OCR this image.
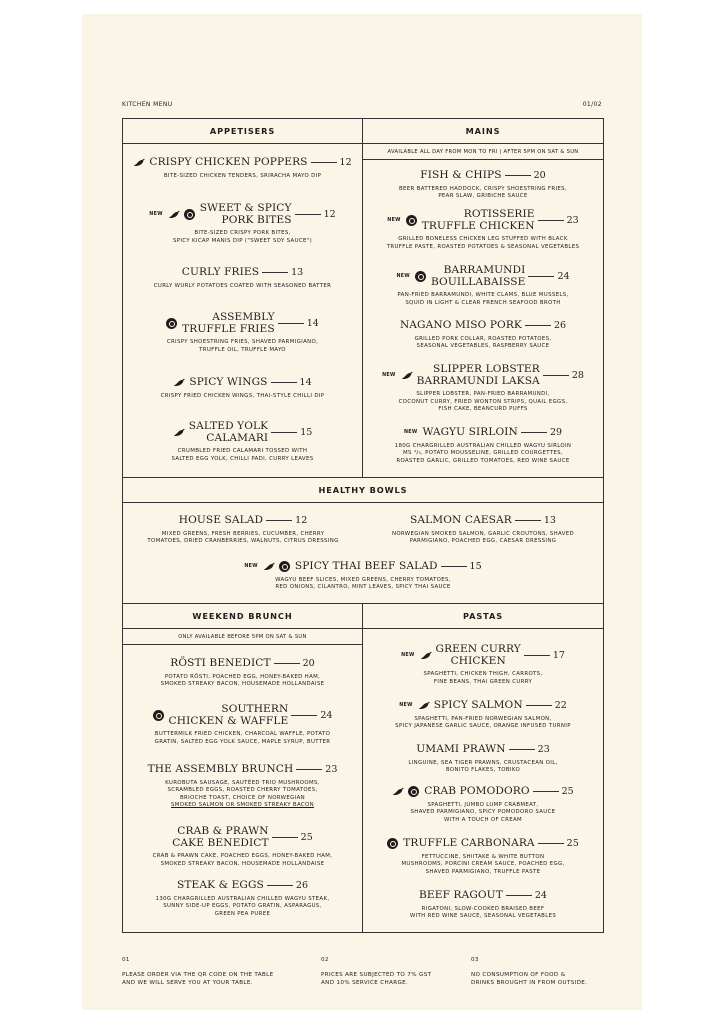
KITCHEN MENU	01/02
APPETISERS
CRISPY CHICKEN POPPERS	12
BITE-SIZED CHICKEN TENDERS, SRIRACHA MAYO DIP
NEW
SWEET & SPICY
PORK BITES	12
BITE-SIZED CRISPY PORK BITES,
SPICY KICAP MANIS DIP ("SWEET SOY SAUCE")
CURLY FRIES	13
CURLY WURLY POTATOES COATED WITH SEASONED BATTER
ASSEMBLY
TRUFFLE FRIES	14
CRISPY SHOESTRING FRIES, SHAVED PARMIGIANO,
TRUFFLE OIL, TRUFFLE MAYO
SPICY WINGS	14
CRISPY FRIED CHICKEN WINGS, THAI-STYLE CHILLI DIP
SALTED YOLK
CALAMARI	15
CRUMBLED FRIED CALAMARI TOSSED WITH
SALTED EGG YOLK, CHILLI PADI, CURRY LEAVES
MAINS
AVAILABLE ALL DAY FROM MON TO FRI | AFTER 5PM ON SAT & SUN
FISH & CHIPS	20
BEER BATTERED HADDOCK, CRISPY SHOESTRING FRIES,
PEAR SLAW, GRIBICHE SAUCE
NEW
ROTISSERIE
TRUFFLE CHICKEN	23
GRILLED BONELESS CHICKEN LEG STUFFED WITH BLACK
TRUFFLE PASTE, ROASTED POTATOES & SEASONAL VEGETABLES
NEW
BARRAMUNDI
BOUILLABAISSE	24
PAN-FRIED BARRAMUNDI, WHITE CLAMS, BLUE MUSSELS,
SQUID IN LIGHT & CLEAR FRENCH SEAFOOD BROTH
NAGANO MISO PORK	26
GRILLED PORK COLLAR, ROASTED POTATOES,
SEASONAL VEGETABLES, RASPBERRY SAUCE
NEW
SLIPPER LOBSTER
BARRAMUNDI LAKSA	28
SLIPPER LOBSTER, PAN-FRIED BARRAMUNDI,
COCONUT CURRY, FRIED WONTON STRIPS, QUAIL EGGS,
FISH CAKE, BEANCURD PUFFS
NEW WAGYU SIRLOIN	29
180G CHARGRILLED AUSTRALIAN CHILLED WAGYU SIRLOIN
MS ⁴/₅, POTATO MOUSSELINE, GRILLED COURGETTES,
ROASTED GARLIC, GRILLED TOMATOES, RED WINE SAUCE
HEALTHY BOWLS
HOUSE SALAD	12
MIXED GREENS, FRESH BERRIES, CUCUMBER, CHERRY
TOMATOES, DRIED CRANBERRIES, WALNUTS, CITRUS DRESSING
SALMON CAESAR	13
NORWEGIAN SMOKED SALMON, GARLIC CROUTONS, SHAVED
PARMIGIANO, POACHED EGG, CAESAR DRESSING
NEW	SPICY THAI BEEF SALAD	15
WAGYU BEEF SLICES, MIXED GREENS, CHERRY TOMATOES,
RED ONIONS, CILANTRO, MINT LEAVES, SPICY THAI SAUCE
WEEKEND BRUNCH
ONLY AVAILABLE BEFORE 5PM ON SAT & SUN
RÖSTI BENEDICT	20
POTATO RÖSTI, POACHED EGG, HONEY-BAKED HAM,
SMOKED STREAKY BACON, HOUSEMADE HOLLANDAISE
SOUTHERN
CHICKEN & WAFFLE	24
BUTTERMILK FRIED CHICKEN, CHARCOAL WAFFLE, POTATO
GRATIN, SALTED EGG YOLK SAUCE, MAPLE SYRUP, BUTTER
THE ASSEMBLY BRUNCH	23
KUROBUTA SAUSAGE, SAUTÉED TRIO MUSHROOMS,
SCRAMBLED EGGS, ROASTED CHERRY TOMATOES,
BRIOCHE TOAST, CHOICE OF NORWEGIAN
SMOKED SALMON OR SMOKED STREAKY BACON
CRAB & PRAWN
CAKE BENEDICT	25
CRAB & PRAWN CAKE, POACHED EGGS, HONEY-BAKED HAM,
SMOKED STREAKY BACON, HOUSEMADE HOLLANDAISE
STEAK & EGGS	26
130G CHARGRILLED AUSTRALIAN CHILLED WAGYU STEAK,
SUNNY SIDE-UP EGGS, POTATO GRATIN, ASPARAGUS,
GREEN PEA PUREE
PASTAS
NEW
GREEN CURRY
CHICKEN	17
SPAGHETTI, CHICKEN THIGH, CARROTS,
FINE BEANS, THAI GREEN CURRY
NEW SPICY SALMON	22
SPAGHETTI, PAN-FRIED NORWEGIAN SALMON,
SPICY JAPANESE GARLIC SAUCE, ORANGE INFUSED TURNIP
UMAMI PRAWN	23
LINGUINE, SEA TIGER PRAWNS, CRUSTACEAN OIL,
BONITO FLAKES, TOBIKO
CRAB POMODORO	25
SPAGHETTI, JUMBO LUMP CRABMEAT,
SHAVED PARMIGIANO, SPICY POMODORO SAUCE
WITH A TOUCH OF CREAM
TRUFFLE CARBONARA	25
FETTUCCINE, SHIITAKE & WHITE BUTTON
MUSHROOMS, PORCINI CREAM SAUCE, POACHED EGG,
SHAVED PARMIGIANO, TRUFFLE PASTE
BEEF RAGOUT	24
RIGATONI, SLOW-COOKED BRAISED BEEF
WITH RED WINE SAUCE, SEASONAL VEGETABLES
01
PLEASE ORDER VIA THE QR CODE ON THE TABLE
AND WE WILL SERVE YOU AT YOUR TABLE.
02
PRICES ARE SUBJECTED TO 7% GST
AND 10% SERVICE CHARGE.
03
NO CONSUMPTION OF FOOD &
DRINKS BROUGHT IN FROM OUTSIDE.
